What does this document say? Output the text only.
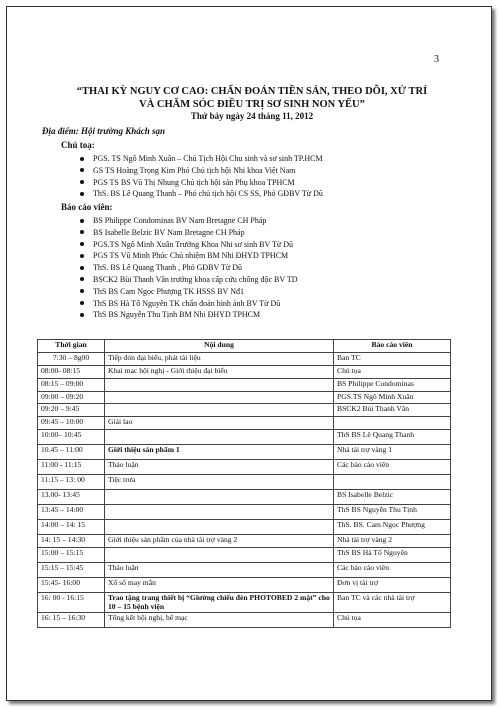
3
“THAI KỲ NGUY CƠ CAO: CHẨN ĐOÁN TIỀN SẢN, THEO DÕI, XỬ TRÍ
VÀ CHĂM SÓC ĐIỀU TRỊ SƠ SINH NON YẾU”
Thứ bảy ngày 24 tháng 11, 2012
Địa điểm: Hội trường Khách sạn
Chủ toạ:
PGS. TS Ngô Minh Xuân – Chủ Tịch Hội Chu sinh và sơ sinh TP.HCM
GS TS Hoàng Trọng Kim Phó Chủ tịch hội Nhi khoa Việt Nam
PGS TS BS Vũ Thị Nhung Chủ tịch hội sản Phụ khoa TPHCM
ThS. BS Lê Quang Thanh – Phó chủ tịch hội CS SS, Phó GĐBV Từ Dũ
Báo cáo viên:
BS Philippe Condominas BV Nam Bretagne CH Pháp
BS Isabelle Belzic BV Nam Bretagne CH Pháp
PGS.TS Ngô Minh Xuân Trưởng Khoa Nhi sơ sinh BV Từ Dũ
PGS TS Vũ Minh Phúc Chủ nhiệm BM Nhi ĐHYD TPHCM
ThS. BS Lê Quang Thanh , Phó GĐBV Từ Dũ
BSCK2 Bùi Thanh Vân trưởng khoa cấp cứu chống độc BV TD
ThS BS Cam Ngọc Phượng TK HSSS BV Nđ1
ThS BS Hà Tố Nguyên TK chẩn đoán hình ảnh BV Từ Dũ
ThS BS Nguyễn Thu Tịnh BM Nhi ĐHYD TPHCM
Thời gian	Nội dung	Báo cáo viên
7:30 – 8g00	Tiếp đón đại biểu, phát tài liệu	Ban TC
08:00- 08:15	Khai mạc hội nghị - Giới thiệu đại biểu	Chủ tọa
08:15 – 09:00		BS Philippe Condominas
09:00 – 09:20		PGS.TS Ngô Minh Xuân
09:20 – 9:45		BSCK2 Bùi Thanh Vân
09:45 – 10:00	Giải lao	
10:00– 10:45		ThS BS Lê Quang Thanh
10.45 – 11:00	Giới thiệu sản phẩm 1	Nhà tài trợ vàng 1
11:00 - 11:15	Thảo luận	Các báo cáo viên
11:15 – 13: 00	Tiệc trưa	
13.00- 13:45		BS Isabelle Belzic
13:45 – 14:00		ThS BS Nguyễn Thu Tịnh
14:00 – 14: 15		ThS. BS. Cam Ngọc Phượng
14: 15 – 14:30	Giới thiệu sản phẩm của nhà tài trợ vàng 2	Nhà tài trợ vàng 2
15:00 – 15:15		ThS BS Hà Tố Nguyên
15:15 – 15:45	Thảo luận	Các báo cáo viên
15:45- 16:00	Xổ số may mắn	Đơn vị tài trợ
16: 00 - 16:15	Trao tặng trang thiết bị “Giường chiếu đèn PHOTOBED 2 mặt” cho 10 – 15 bệnh viện	Ban TC và các nhà tài trợ
16: 15 – 16:30	Tổng kết hội nghị, bế mạc	Chủ tọa
